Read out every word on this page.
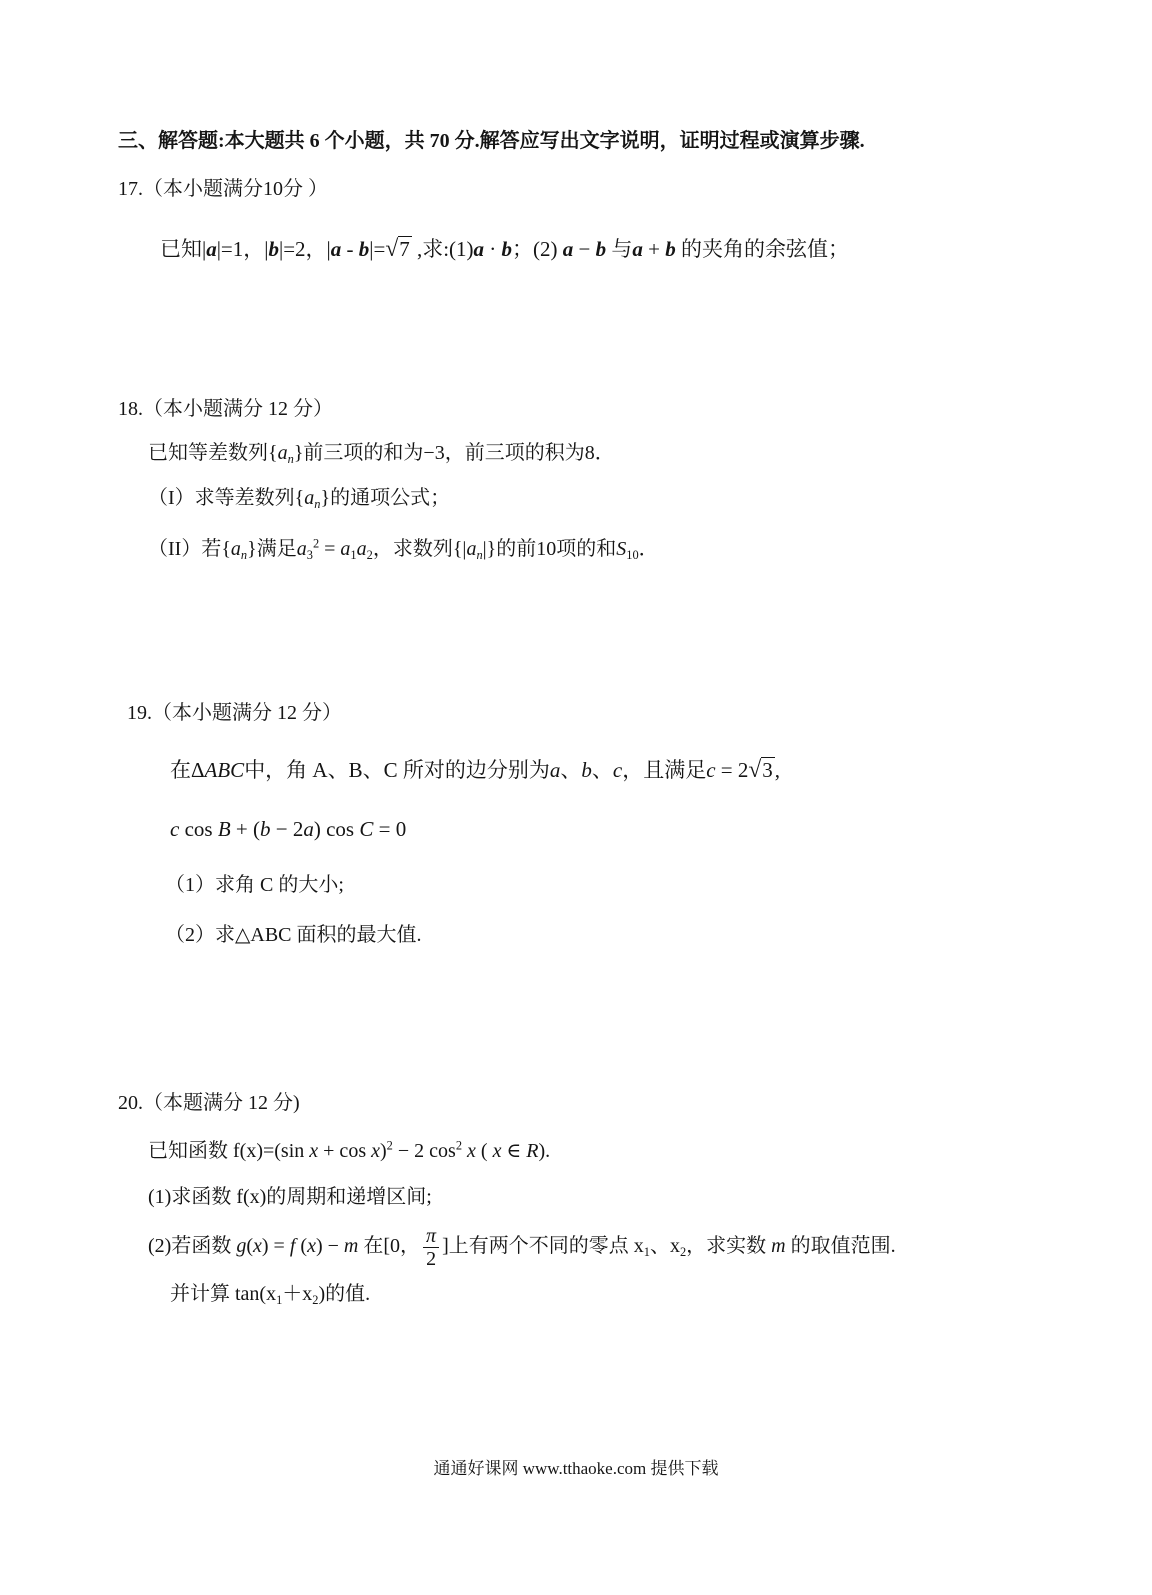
三、解答题:本大题共 6 个小题，共 70 分.解答应写出文字说明，证明过程或演算步骤.
17.（本小题满分10分 ）
已知|a|=1，|b|=2，|a - b|=√7 ,求:(1)a · b；(2) a − b 与a + b 的夹角的余弦值；
18.（本小题满分 12 分）
已知等差数列$\{a_n\}$前三项的和为−3，前三项的积为8．
（I）求等差数列$\{a_n\}$的通项公式；
（II）若$\{a_n\}$满足$a_3^2 = a_1a_2$，求数列$\{|a_n|\}$的前10项的和$S_{10}$．
19.（本小题满分 12 分）
在ΔABC中，角 A、B、C 所对的边分别为a、b、c，且满足c = 2√3,
c cos B + (b − 2a) cos C = 0
（1）求角 C 的大小;
（2）求△ABC 面积的最大值.
20.（本题满分 12 分)
已知函数 f(x)=(sin x + cos x)$^2$ − 2 $\cos^2 x$ ( x ∈ R).
(1)求函数 f(x)的周期和递增区间;
(2)若函数 g(x) = f (x) − m 在[0， $\frac{\pi}{2}$ ]上有两个不同的零点 $x_1$、$x_2$，求实数 m 的取值范围.
并计算 $\tan(x_1+x_2)$的值.
通通好课网 www.tthaoke.com 提供下载
